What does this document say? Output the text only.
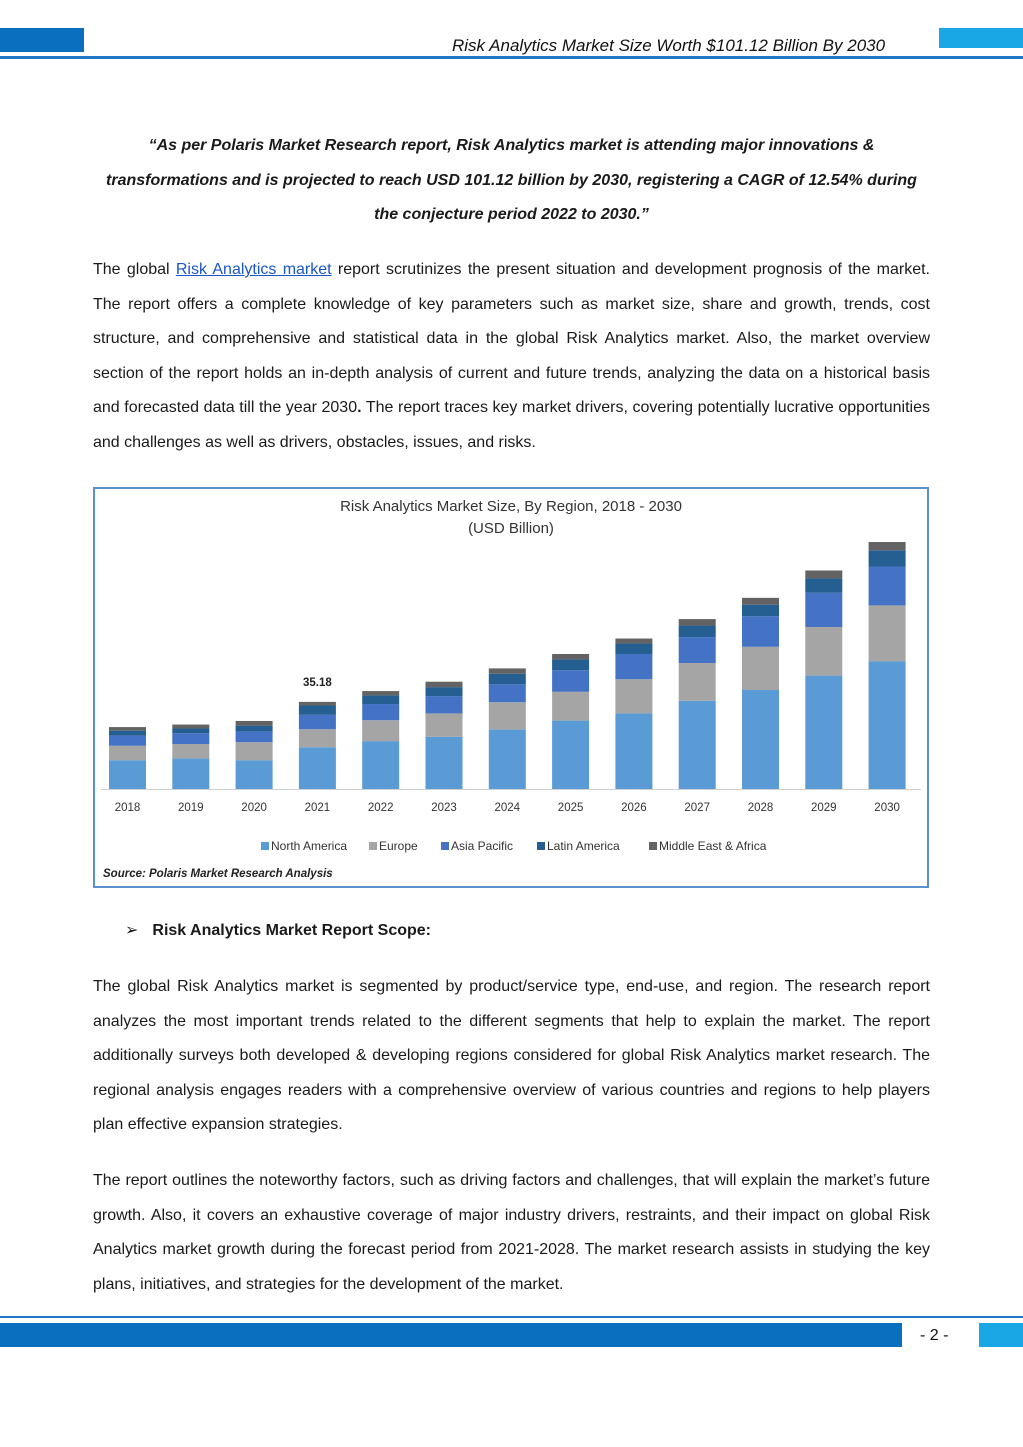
Risk Analytics Market Size Worth $101.12 Billion By 2030
“As per Polaris Market Research report, Risk Analytics market is attending major innovations &
transformations and is projected to reach USD 101.12 billion by 2030, registering a CAGR of 12.54% during
the conjecture period 2022 to 2030.”
The global Risk Analytics market report scrutinizes the present situation and development prognosis of the market. The report offers a complete knowledge of key parameters such as market size, share and growth, trends, cost structure, and comprehensive and statistical data in the global Risk Analytics market. Also, the market overview section of the report holds an in-depth analysis of current and future trends, analyzing the data on a historical basis and forecasted data till the year 2030. The report traces key market drivers, covering potentially lucrative opportunities and challenges as well as drivers, obstacles, issues, and risks.
Risk Analytics Market Size, By Region, 2018 - 2030
(USD Billion)
2018	2019	2020	2021
35.18
2022	2023	2024	2025	2026	2027	2028	2029	2030
North America	Europe	Asia Pacific	Latin America	Middle East & Africa
Source: Polaris Market Research Analysis
➢ Risk Analytics Market Report Scope:
The global Risk Analytics market is segmented by product/service type, end-use, and region. The research report analyzes the most important trends related to the different segments that help to explain the market. The report additionally surveys both developed & developing regions considered for global Risk Analytics market research. The regional analysis engages readers with a comprehensive overview of various countries and regions to help players plan effective expansion strategies.
The report outlines the noteworthy factors, such as driving factors and challenges, that will explain the market’s future growth. Also, it covers an exhaustive coverage of major industry drivers, restraints, and their impact on global Risk Analytics market growth during the forecast period from 2021-2028. The market research assists in studying the key plans, initiatives, and strategies for the development of the market.
- 2 -
